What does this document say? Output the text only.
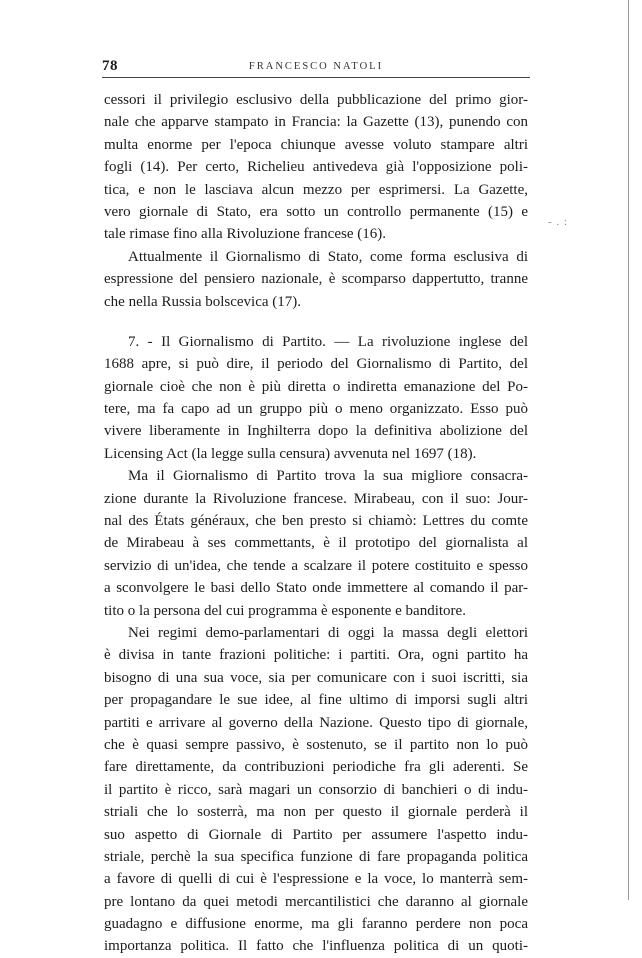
78	FRANCESCO NATOLI
- . :
cessori il privilegio esclusivo della pubblicazione del primo gior-
nale che apparve stampato in Francia: la Gazette (13), punendo con
multa enorme per l'epoca chiunque avesse voluto stampare altri
fogli (14). Per certo, Richelieu antivedeva già l'opposizione poli-
tica, e non le lasciava alcun mezzo per esprimersi. La Gazette,
vero giornale di Stato, era sotto un controllo permanente (15) e
tale rimase fino alla Rivoluzione francese (16).
Attualmente il Giornalismo di Stato, come forma esclusiva di
espressione del pensiero nazionale, è scomparso dappertutto, tranne
che nella Russia bolscevica (17).
7. - Il Giornalismo di Partito. — La rivoluzione inglese del
1688 apre, si può dire, il periodo del Giornalismo di Partito, del
giornale cioè che non è più diretta o indiretta emanazione del Po-
tere, ma fa capo ad un gruppo più o meno organizzato. Esso può
vivere liberamente in Inghilterra dopo la definitiva abolizione del
Licensing Act (la legge sulla censura) avvenuta nel 1697 (18).
Ma il Giornalismo di Partito trova la sua migliore consacra-
zione durante la Rivoluzione francese. Mirabeau, con il suo: Jour-
nal des États généraux, che ben presto si chiamò: Lettres du comte
de Mirabeau à ses commettants, è il prototipo del giornalista al
servizio di un'idea, che tende a scalzare il potere costituito e spesso
a sconvolgere le basi dello Stato onde immettere al comando il par-
tito o la persona del cui programma è esponente e banditore.
Nei regimi demo-parlamentari di oggi la massa degli elettori
è divisa in tante frazioni politiche: i partiti. Ora, ogni partito ha
bisogno di una sua voce, sia per comunicare con i suoi iscritti, sia
per propagandare le sue idee, al fine ultimo di imporsi sugli altri
partiti e arrivare al governo della Nazione. Questo tipo di giornale,
che è quasi sempre passivo, è sostenuto, se il partito non lo può
fare direttamente, da contribuzioni periodiche fra gli aderenti. Se
il partito è ricco, sarà magari un consorzio di banchieri o di indu-
striali che lo sosterrà, ma non per questo il giornale perderà il
suo aspetto di Giornale di Partito per assumere l'aspetto indu-
striale, perchè la sua specifica funzione di fare propaganda politica
a favore di quelli di cui è l'espressione e la voce, lo manterrà sem-
pre lontano da quei metodi mercantilistici che daranno al giornale
guadagno e diffusione enorme, ma gli faranno perdere non poca
importanza politica. Il fatto che l'influenza politica di un quoti-
